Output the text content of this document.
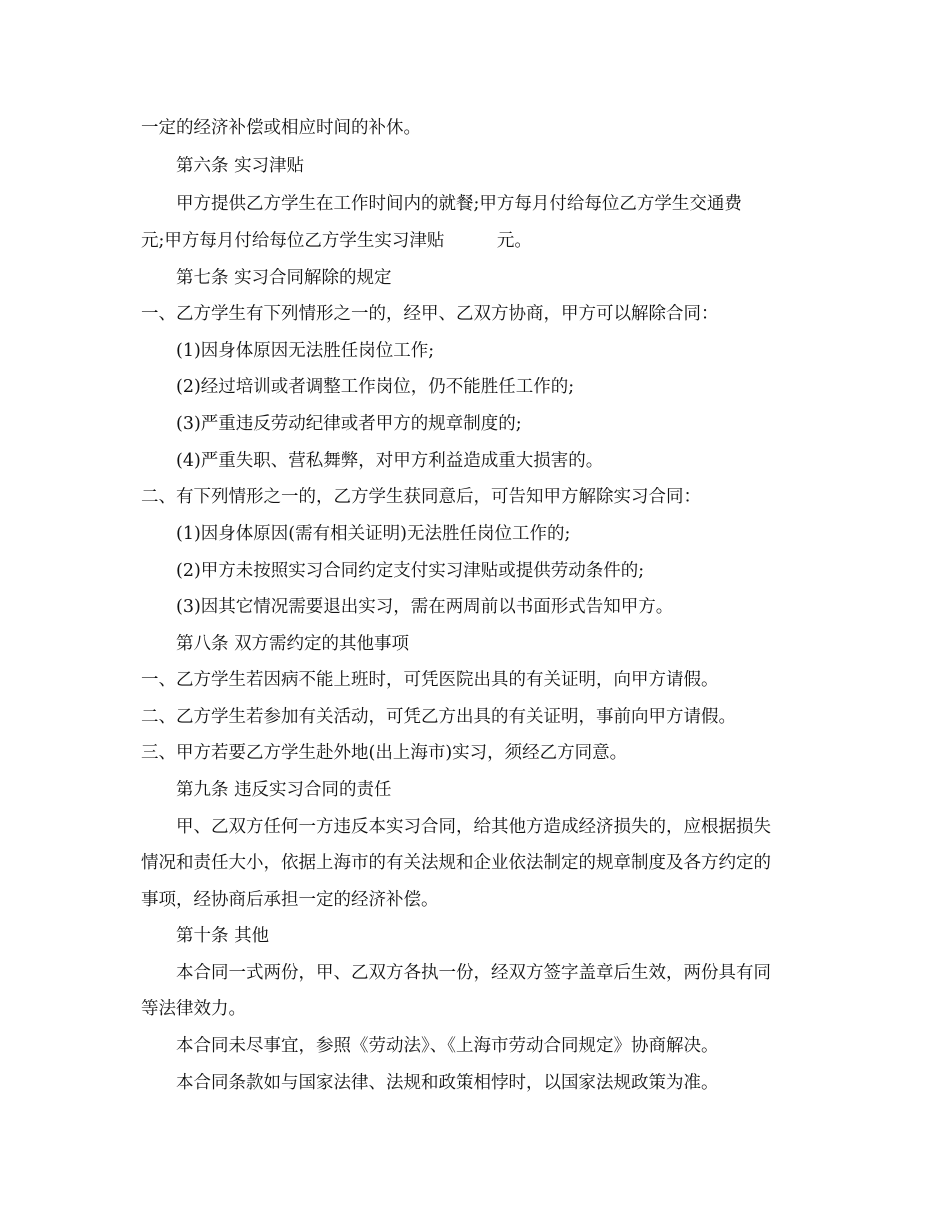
一定的经济补偿或相应时间的补休。
第六条 实习津贴
甲方提供乙方学生在工作时间内的就餐;甲方每月付给每位乙方学生交通费
元;甲方每月付给每位乙方学生实习津贴　　　元。
第七条 实习合同解除的规定
一、乙方学生有下列情形之一的，经甲、乙双方协商，甲方可以解除合同：
(1)因身体原因无法胜任岗位工作;
(2)经过培训或者调整工作岗位，仍不能胜任工作的;
(3)严重违反劳动纪律或者甲方的规章制度的;
(4)严重失职、营私舞弊，对甲方利益造成重大损害的。
二、有下列情形之一的，乙方学生获同意后，可告知甲方解除实习合同：
(1)因身体原因(需有相关证明)无法胜任岗位工作的;
(2)甲方未按照实习合同约定支付实习津贴或提供劳动条件的;
(3)因其它情况需要退出实习，需在两周前以书面形式告知甲方。
第八条 双方需约定的其他事项
一、乙方学生若因病不能上班时，可凭医院出具的有关证明，向甲方请假。
二、乙方学生若参加有关活动，可凭乙方出具的有关证明，事前向甲方请假。
三、甲方若要乙方学生赴外地(出上海市)实习，须经乙方同意。
第九条 违反实习合同的责任
甲、乙双方任何一方违反本实习合同，给其他方造成经济损失的，应根据损失
情况和责任大小，依据上海市的有关法规和企业依法制定的规章制度及各方约定的
事项，经协商后承担一定的经济补偿。
第十条 其他
本合同一式两份，甲、乙双方各执一份，经双方签字盖章后生效，两份具有同
等法律效力。
本合同未尽事宜，参照《劳动法》、《上海市劳动合同规定》协商解决。
本合同条款如与国家法律、法规和政策相悖时，以国家法规政策为准。
